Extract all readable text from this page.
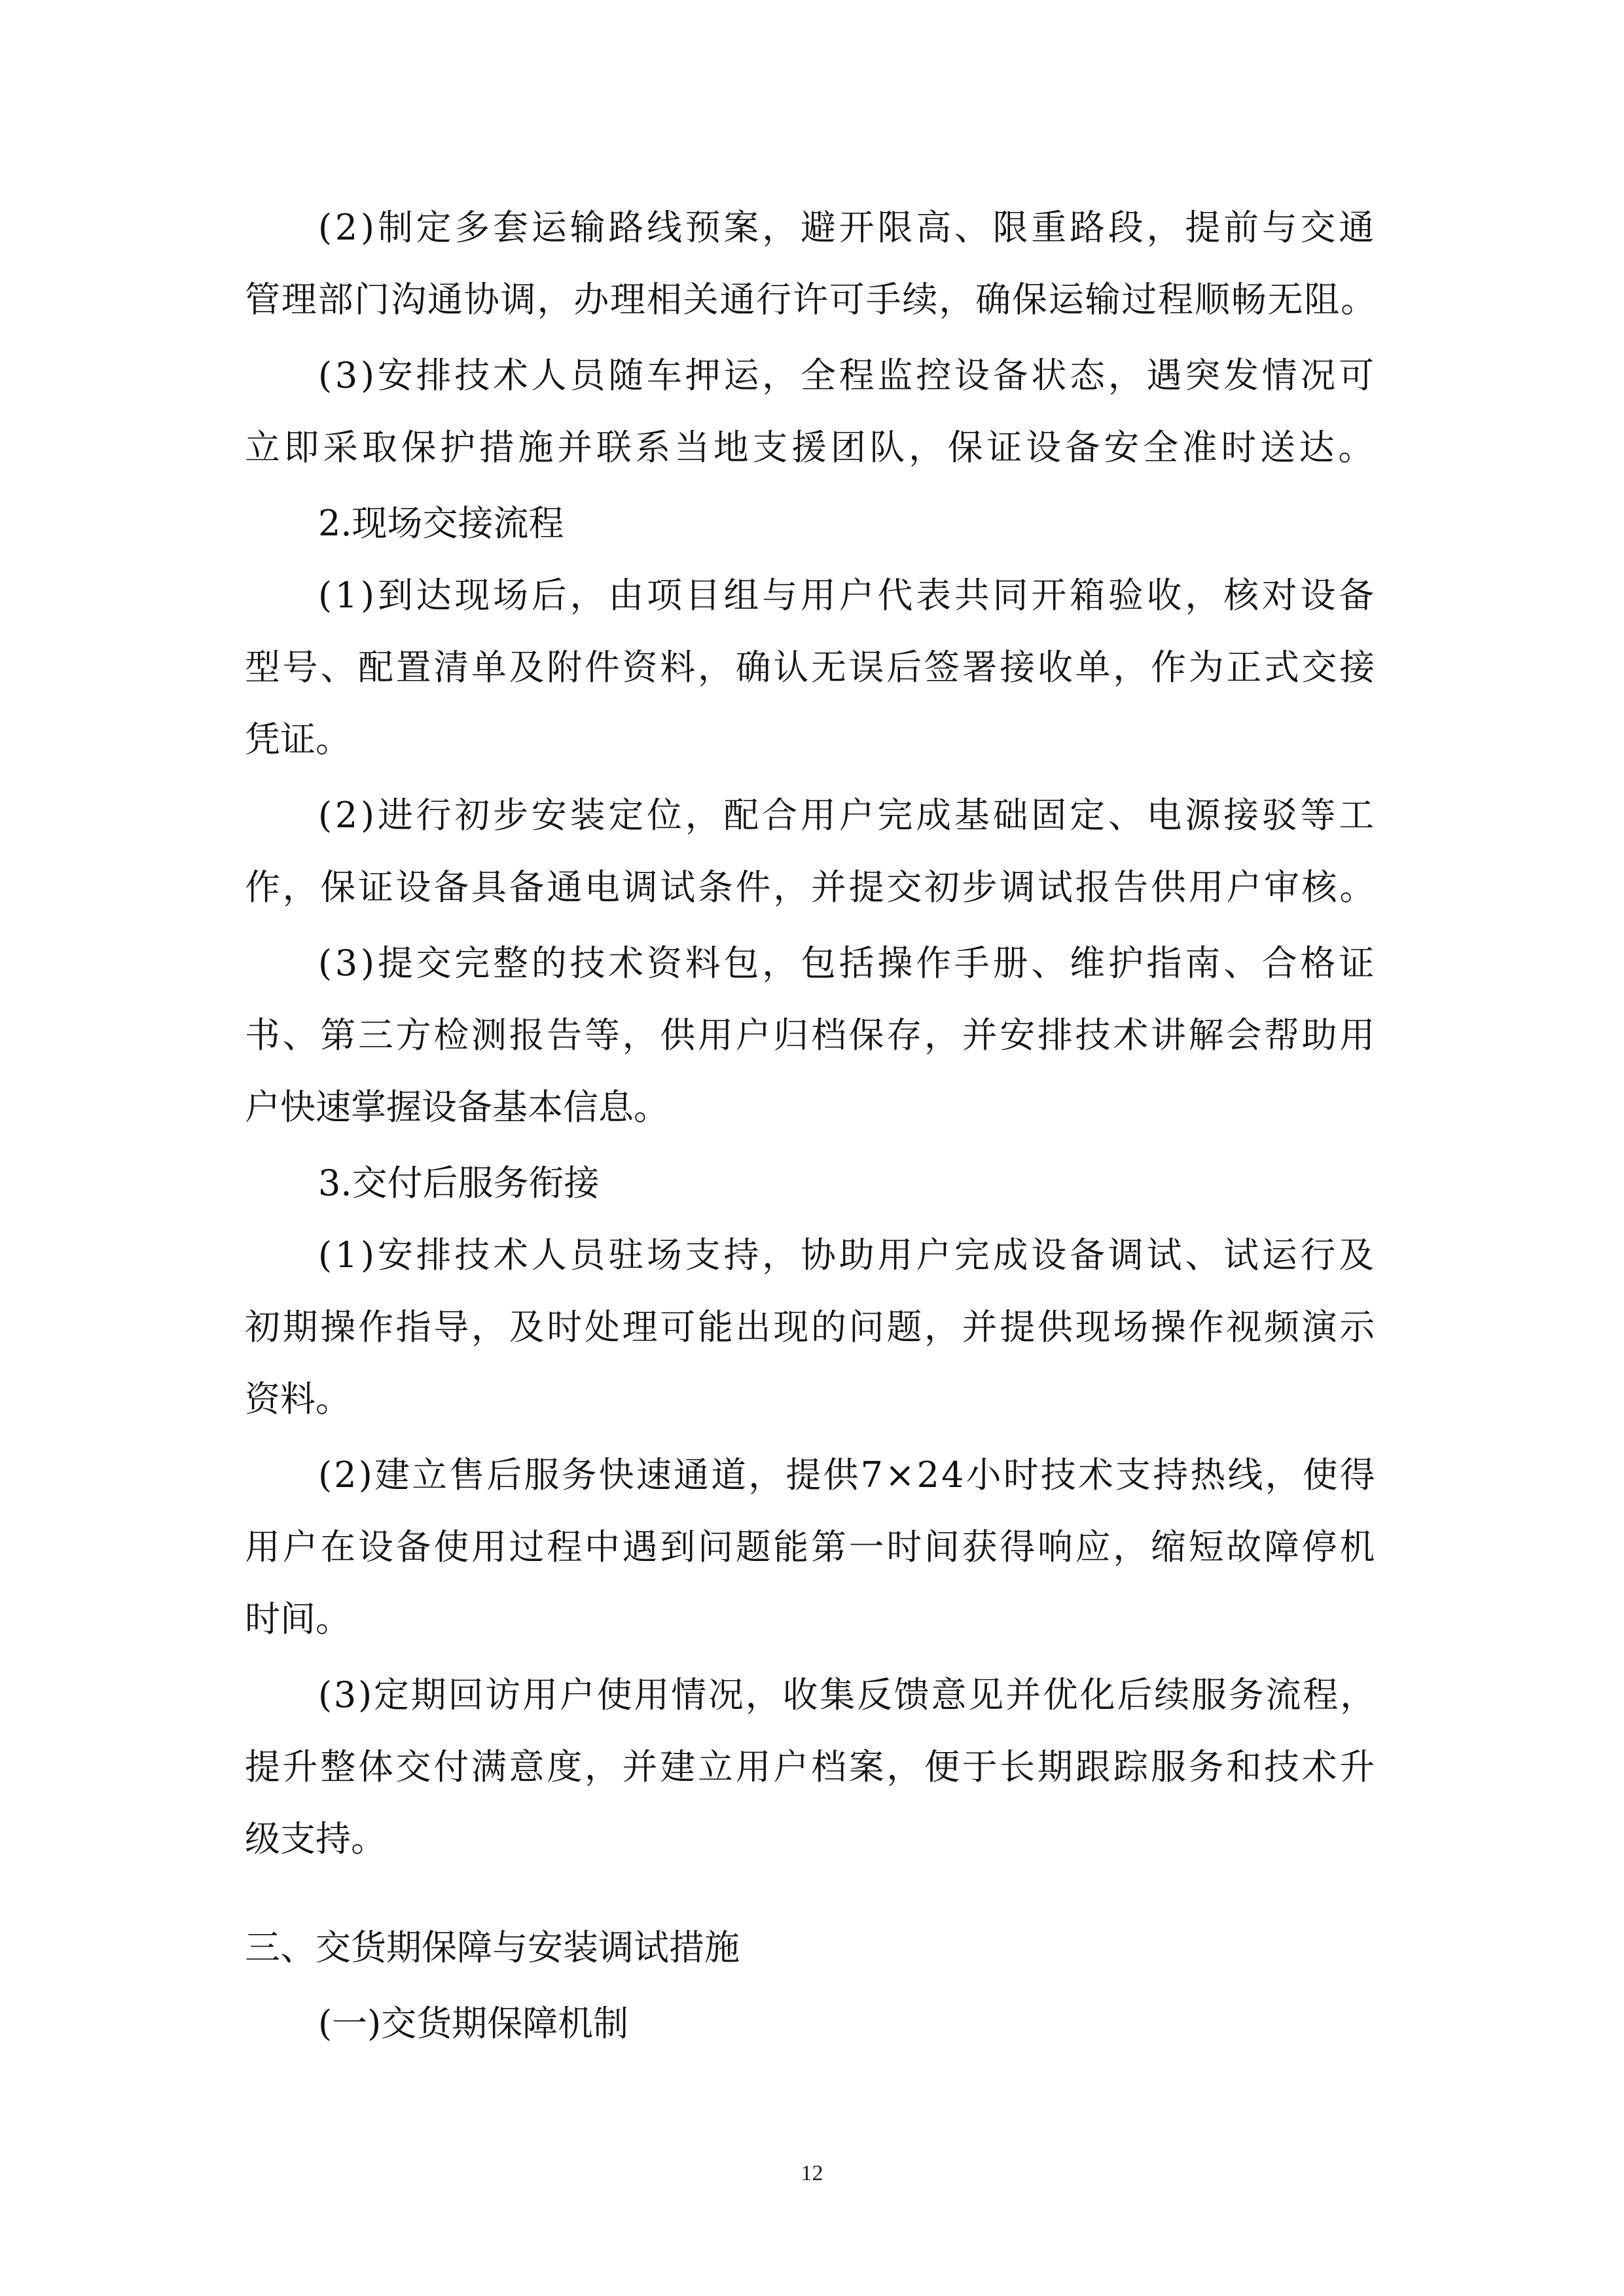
(2)制定多套运输路线预案，避开限高、限重路段，提前与交通
管理部门沟通协调，办理相关通行许可手续，确保运输过程顺畅无阻。
(3)安排技术人员随车押运，全程监控设备状态，遇突发情况可
立即采取保护措施并联系当地支援团队，保证设备安全准时送达。
2.现场交接流程
(1)到达现场后，由项目组与用户代表共同开箱验收，核对设备
型号、配置清单及附件资料，确认无误后签署接收单，作为正式交接
凭证。
(2)进行初步安装定位，配合用户完成基础固定、电源接驳等工
作，保证设备具备通电调试条件，并提交初步调试报告供用户审核。
(3)提交完整的技术资料包，包括操作手册、维护指南、合格证
书、第三方检测报告等，供用户归档保存，并安排技术讲解会帮助用
户快速掌握设备基本信息。
3.交付后服务衔接
(1)安排技术人员驻场支持，协助用户完成设备调试、试运行及
初期操作指导，及时处理可能出现的问题，并提供现场操作视频演示
资料。
(2)建立售后服务快速通道，提供7×24小时技术支持热线，使得
用户在设备使用过程中遇到问题能第一时间获得响应，缩短故障停机
时间。
(3)定期回访用户使用情况，收集反馈意见并优化后续服务流程，
提升整体交付满意度，并建立用户档案，便于长期跟踪服务和技术升
级支持。
三、交货期保障与安装调试措施
(一)交货期保障机制
12
